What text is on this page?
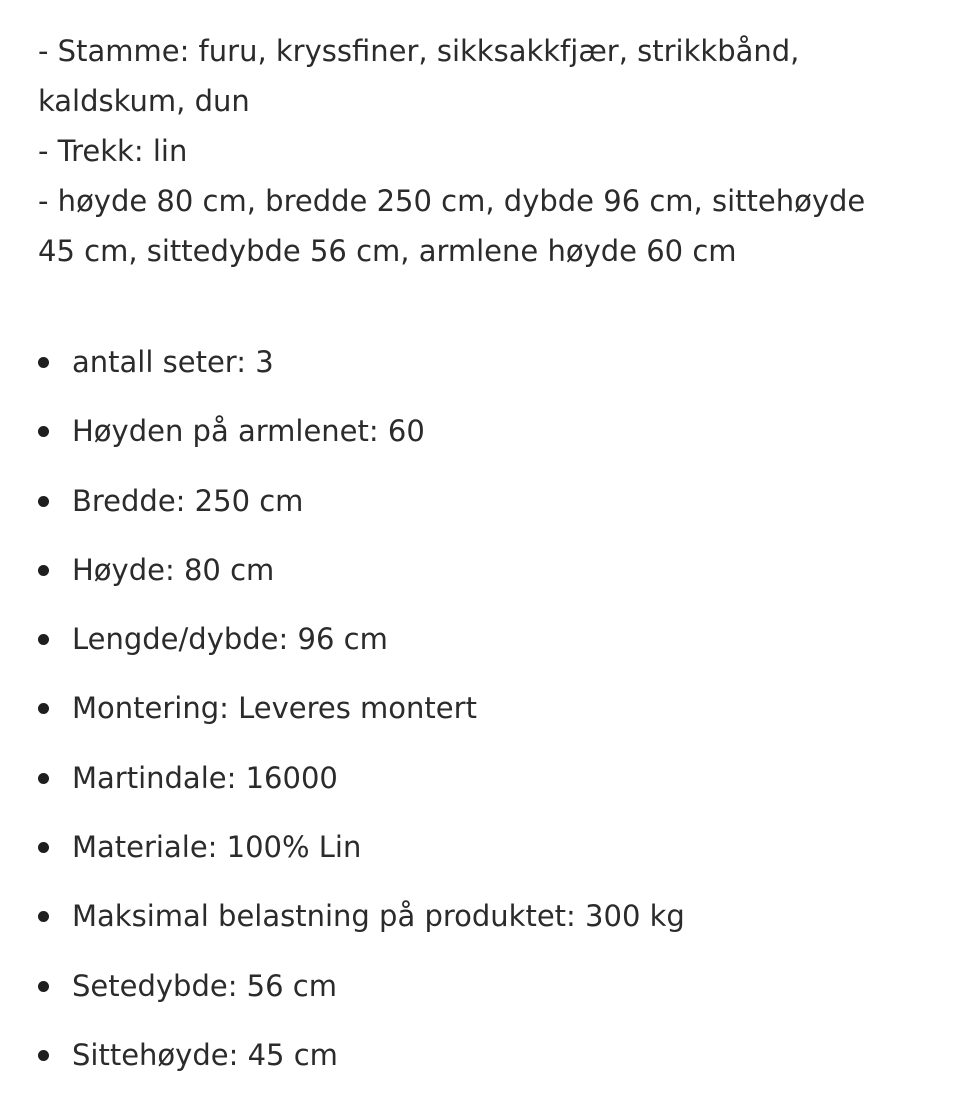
- Stamme: furu, kryssfiner, sikksakkfjær, strikkbånd,

kaldskum, dun

- Trekk: lin

- høyde 80 cm, bredde 250 cm, dybde 96 cm, sittehøyde

45 cm, sittedybde 56 cm, armlene høyde 60 cm

antall seter: 3
Høyden på armlenet: 60
Bredde: 250 cm
Høyde: 80 cm
Lengde/dybde: 96 cm
Montering: Leveres montert
Martindale: 16000
Materiale: 100% Lin
Maksimal belastning på produktet: 300 kg
Setedybde: 56 cm
Sittehøyde: 45 cm
